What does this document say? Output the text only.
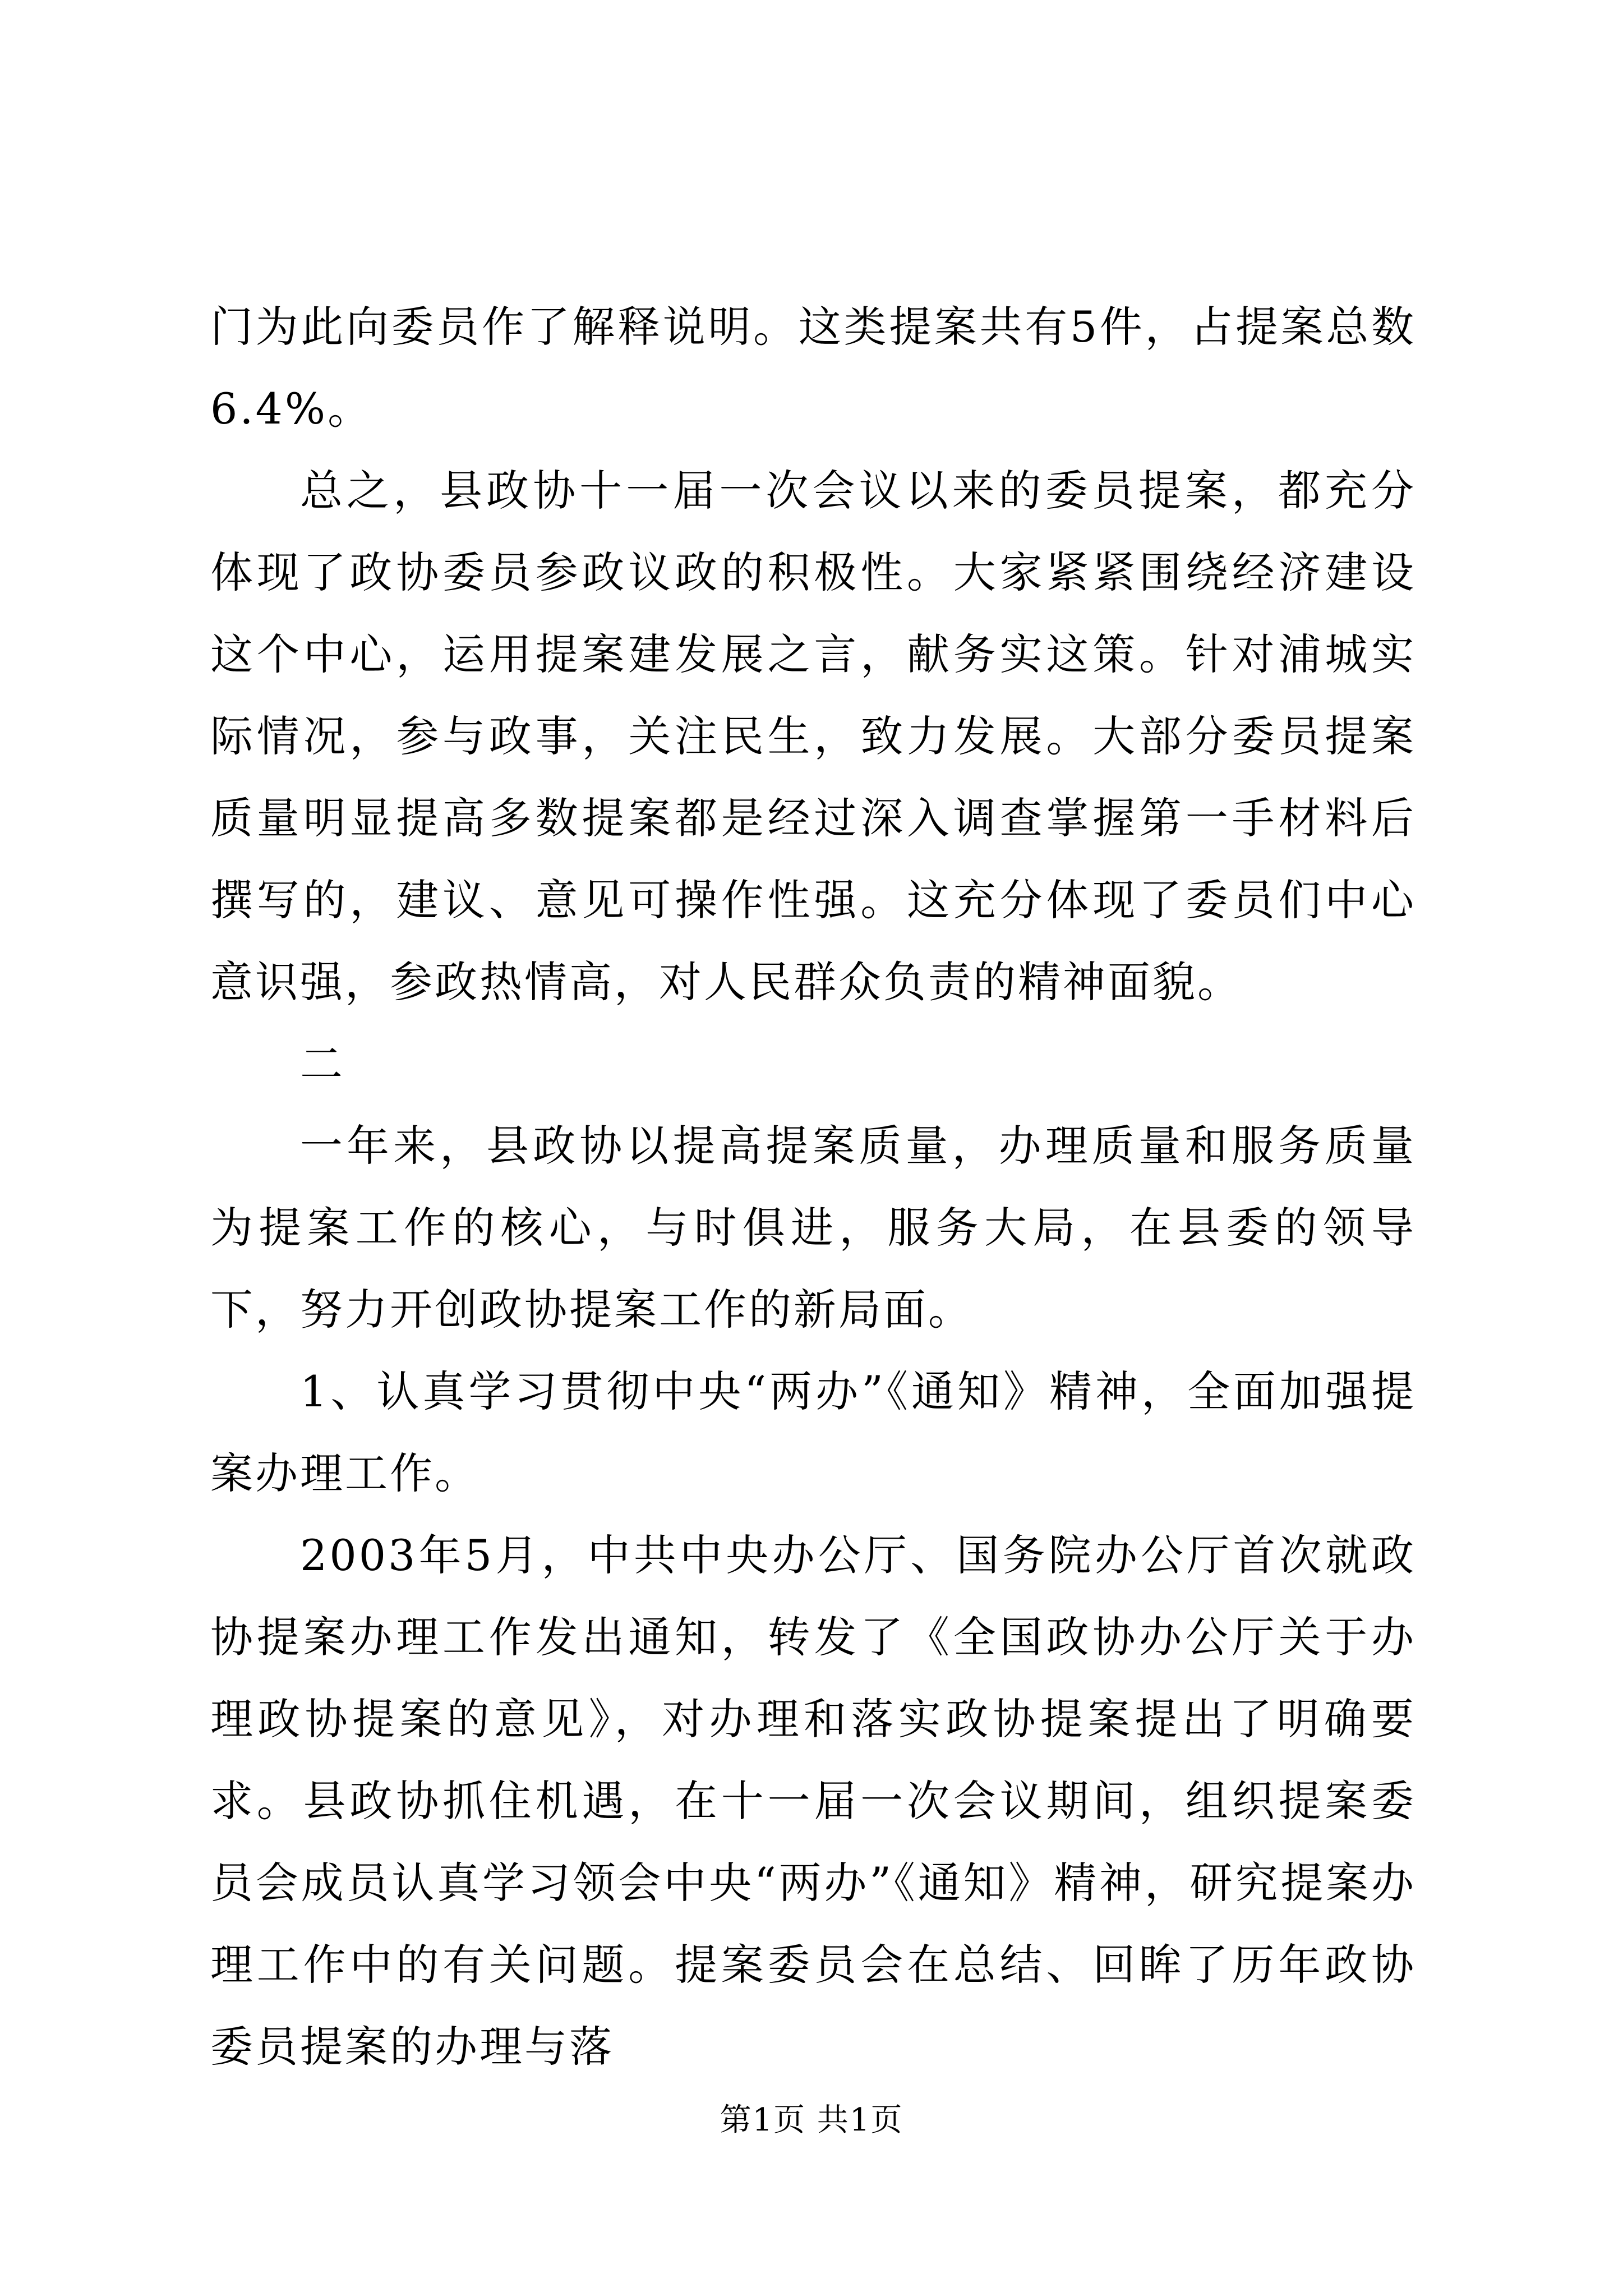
门为此向委员作了解释说明。这类提案共有5件，占提案总数6.4%。

总之，县政协十一届一次会议以来的委员提案，都充分体现了政协委员参政议政的积极性。大家紧紧围绕经济建设这个中心，运用提案建发展之言，献务实这策。针对浦城实际情况，参与政事，关注民生，致力发展。大部分委员提案质量明显提高多数提案都是经过深入调查掌握第一手材料后撰写的，建议、意见可操作性强。这充分体现了委员们中心意识强，参政热情高，对人民群众负责的精神面貌。

二

一年来，县政协以提高提案质量，办理质量和服务质量为提案工作的核心，与时俱进，服务大局，在县委的领导下，努力开创政协提案工作的新局面。

1、认真学习贯彻中央“两办”《通知》精神，全面加强提案办理工作。

2003年5月，中共中央办公厅、国务院办公厅首次就政协提案办理工作发出通知，转发了《全国政协办公厅关于办理政协提案的意见》，对办理和落实政协提案提出了明确要求。县政协抓住机遇，在十一届一次会议期间，组织提案委员会成员认真学习领会中央“两办”《通知》精神，研究提案办理工作中的有关问题。提案委员会在总结、回眸了历年政协委员提案的办理与落

第1页 共1页
